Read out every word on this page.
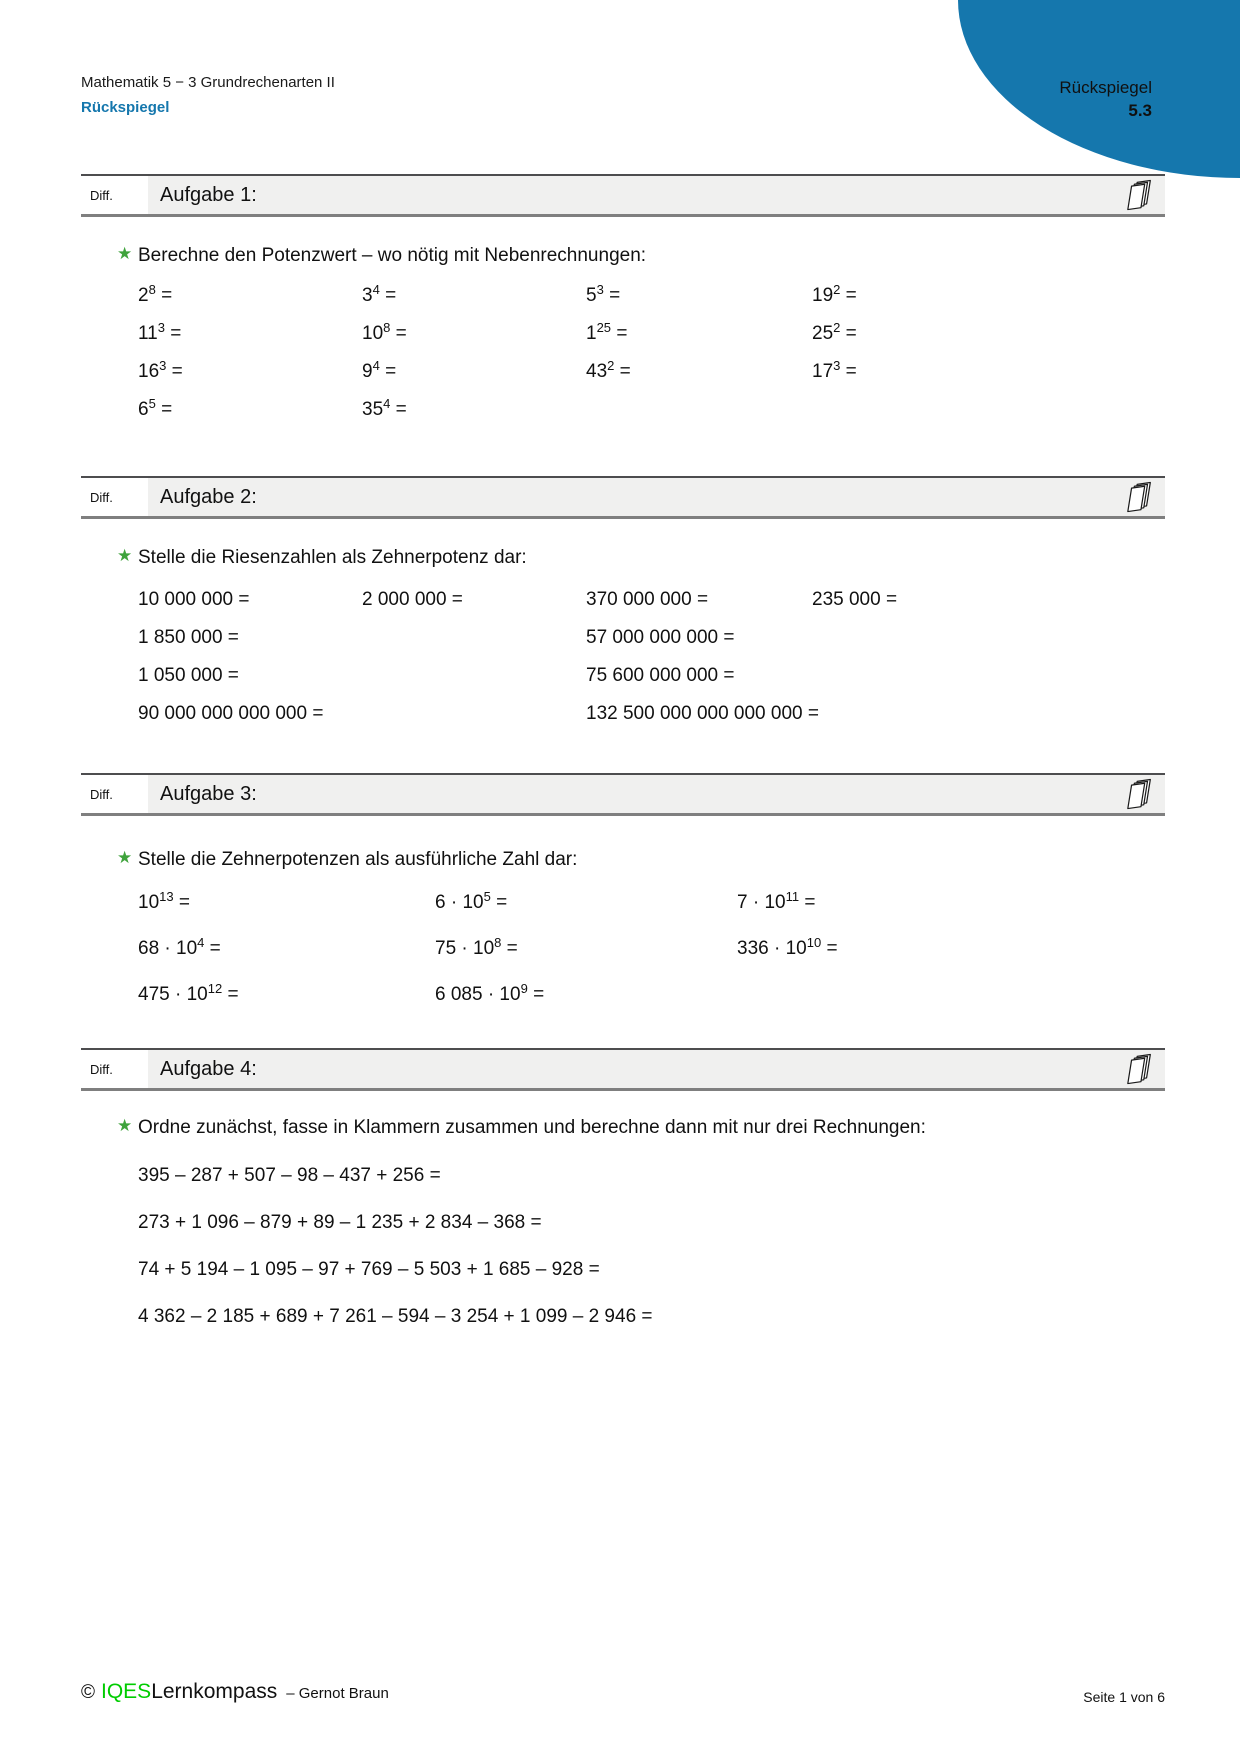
Rückspiegel
5.3
Mathematik 5 − 3 Grundrechenarten II
Rückspiegel
Diff.	Aufgabe 1:
★ Berechne den Potenzwert – wo nötig mit Nebenrechnungen:
$2^8$ =	$3^4$ =	$5^3$ =	$19^2$ =
$11^3$ =	$10^8$ =	$1^{25}$ =	$25^2$ =
$16^3$ =	$9^4$ =	$43^2$ =	$17^3$ =
$6^5$ =	$35^4$ =
Diff.	Aufgabe 2:
★ Stelle die Riesenzahlen als Zehnerpotenz dar:
10 000 000 =	2 000 000 =	370 000 000 =	235 000 =
1 850 000 =	57 000 000 000 =
1 050 000 =	75 600 000 000 =
90 000 000 000 000 =	132 500 000 000 000 000 =
Diff.	Aufgabe 3:
★ Stelle die Zehnerpotenzen als ausführliche Zahl dar:
$10^{13}$ =	$6 \cdot 10^5$ =	$7 \cdot 10^{11}$ =
$68 \cdot 10^4$ =	$75 \cdot 10^8$ =	$336 \cdot 10^{10}$ =
$475 \cdot 10^{12}$ =	6 $085 \cdot 10^9$ =
Diff.	Aufgabe 4:
★ Ordne zunächst, fasse in Klammern zusammen und berechne dann mit nur drei Rechnungen:
395 – 287 + 507 – 98 – 437 + 256 =
273 + 1 096 – 879 + 89 – 1 235 + 2 834 – 368 =
74 + 5 194 – 1 095 – 97 + 769 – 5 503 + 1 685 – 928 =
4 362 – 2 185 + 689 + 7 261 – 594 – 3 254 + 1 099 – 2 946 =
© IQES Lernkompass – Gernot Braun	Seite 1 von 6
